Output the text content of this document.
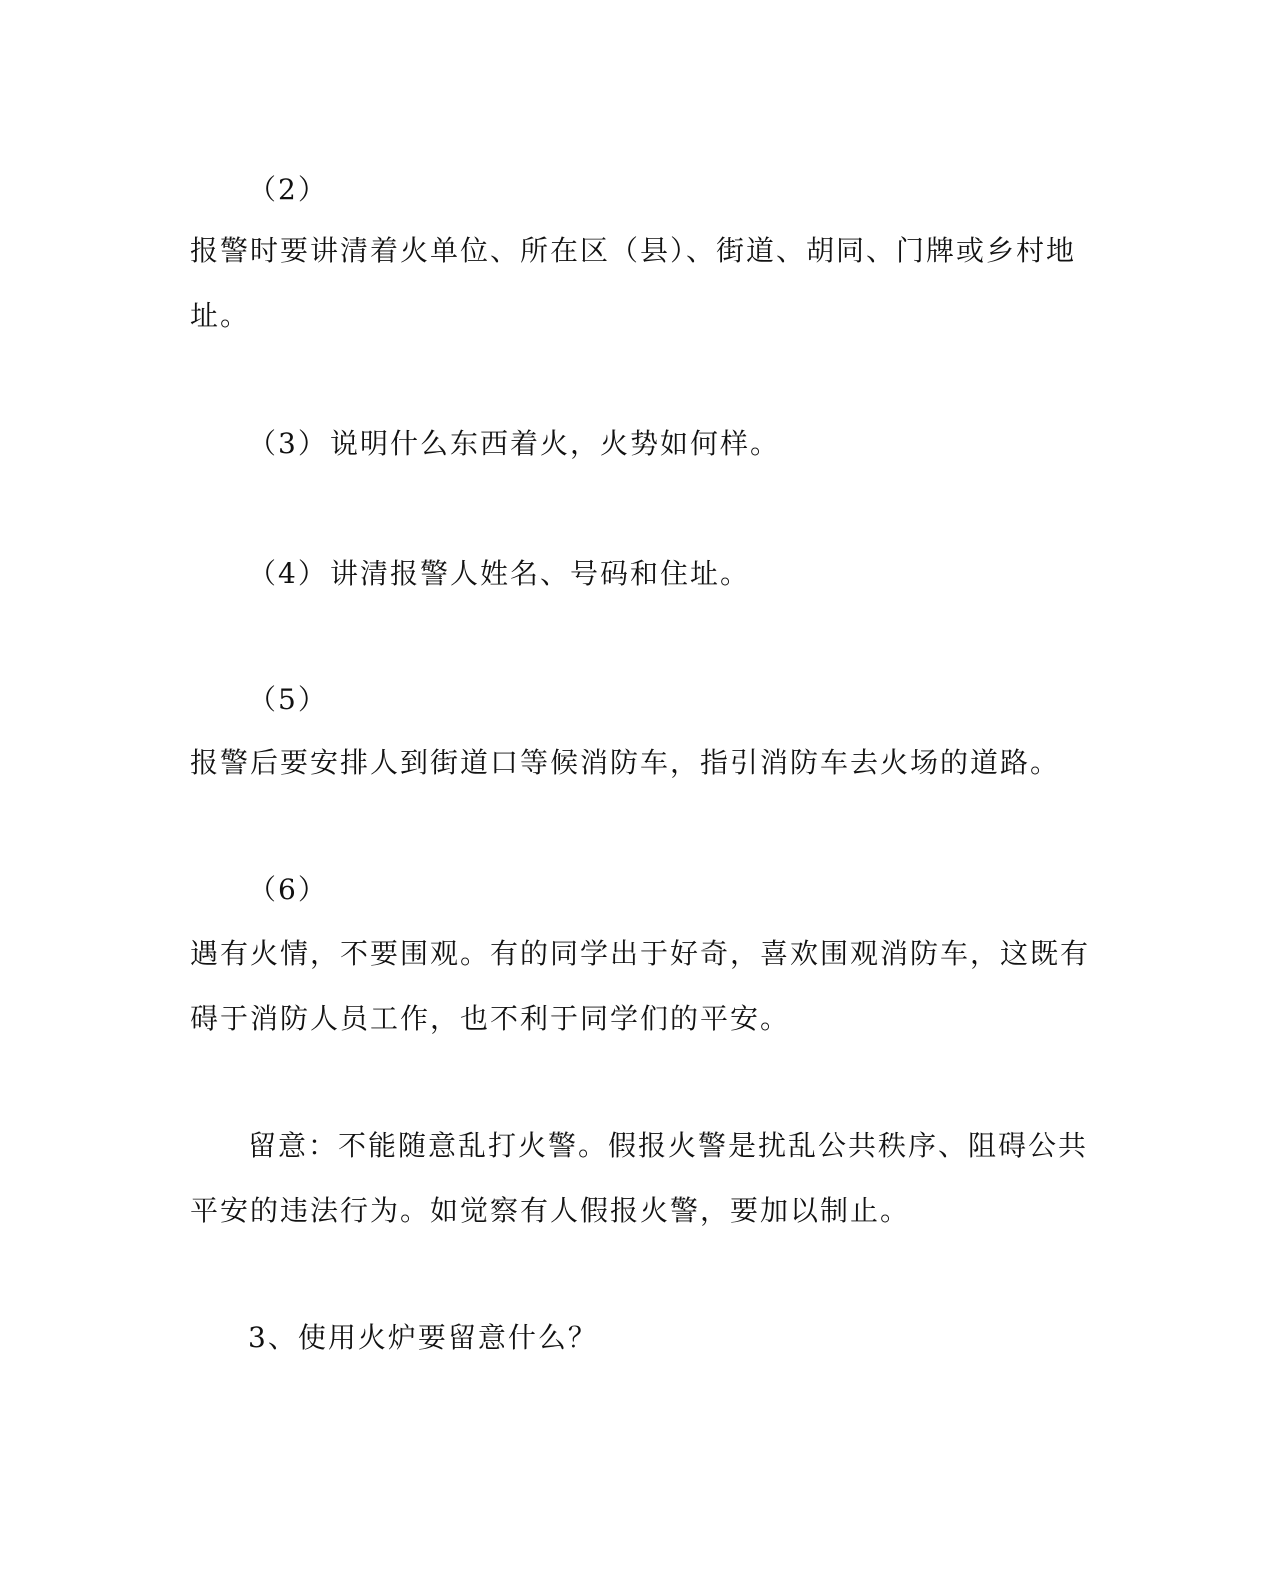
（2）
报警时要讲清着火单位、所在区（县）、街道、胡同、门牌或乡村地
址。
（3）说明什么东西着火，火势如何样。
（4）讲清报警人姓名、号码和住址。
（5）
报警后要安排人到街道口等候消防车，指引消防车去火场的道路。
（6）
遇有火情，不要围观。有的同学出于好奇，喜欢围观消防车，这既有
碍于消防人员工作，也不利于同学们的平安。
留意：不能随意乱打火警。假报火警是扰乱公共秩序、阻碍公共
平安的违法行为。如觉察有人假报火警，要加以制止。
3、使用火炉要留意什么？
